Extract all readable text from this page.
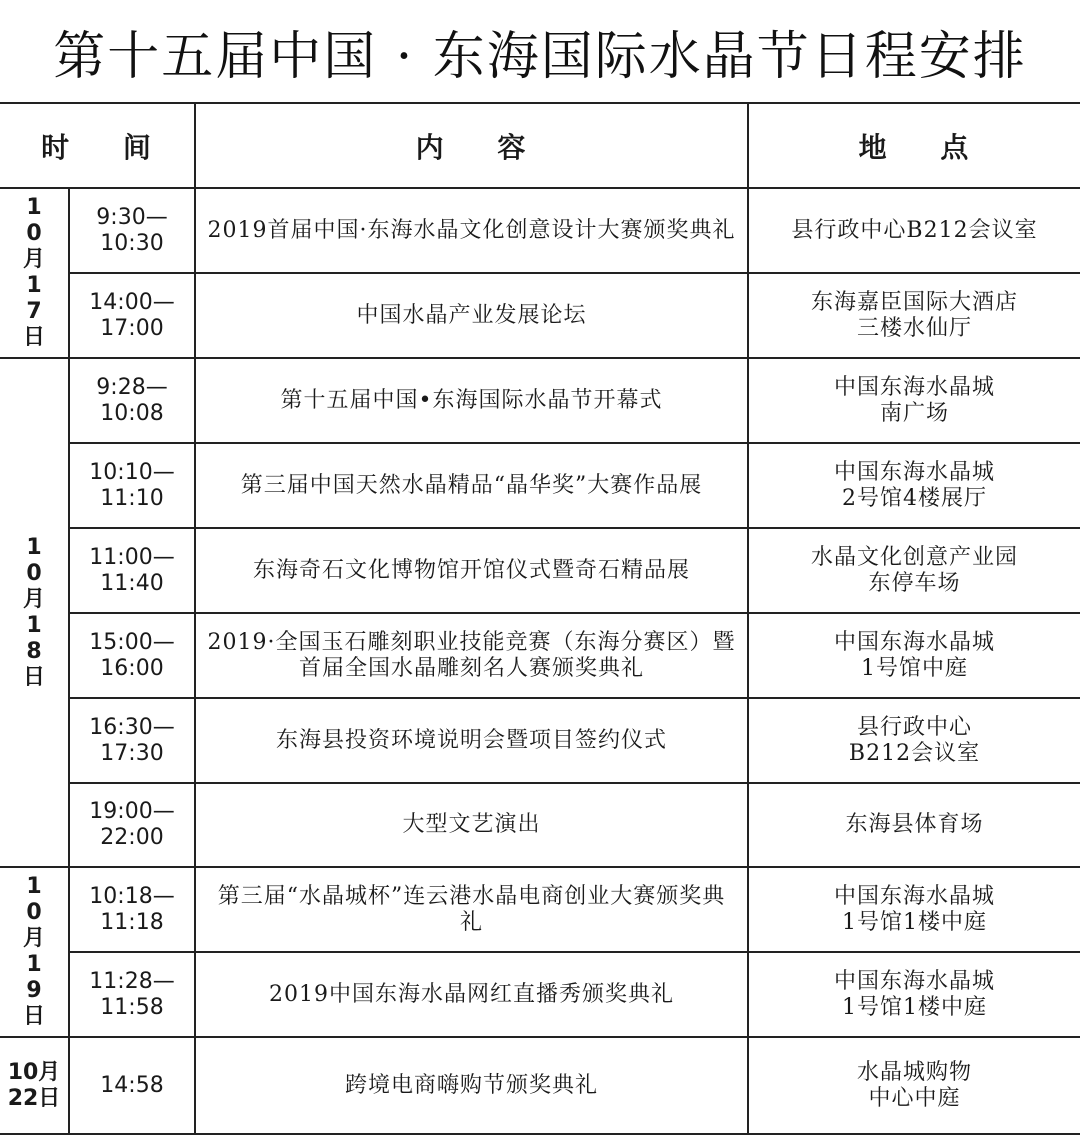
第十五届中国 · 东海国际水晶节日程安排
时 间		内 容	地 点
10月17日	9:30—10:30	2019首届中国·东海水晶文化创意设计大赛颁奖典礼	县行政中心B212会议室

	14:00—17:00	中国水晶产业发展论坛	东海嘉臣国际大酒店
三楼水仙厅

10月18日	9:28—10:08	第十五届中国•东海国际水晶节开幕式	中国东海水晶城
南广场

	10:10—11:10	第三届中国天然水晶精品“晶华奖”大赛作品展	中国东海水晶城
2号馆4楼展厅

	11:00—11:40	东海奇石文化博物馆开馆仪式暨奇石精品展	水晶文化创意产业园
东停车场

	15:00—16:00	2019·全国玉石雕刻职业技能竞赛（东海分赛区）暨
首届全国水晶雕刻名人赛颁奖典礼	中国东海水晶城
1号馆中庭

	16:30—17:30	东海县投资环境说明会暨项目签约仪式	县行政中心
B212会议室

	19:00—22:00	大型文艺演出	东海县体育场

10月19日	10:18—11:18	第三届“水晶城杯”连云港水晶电商创业大赛颁奖典
礼	中国东海水晶城
1号馆1楼中庭

	11:28—11:58	2019中国东海水晶网红直播秀颁奖典礼	中国东海水晶城
1号馆1楼中庭

10月22日	14:58	跨境电商嗨购节颁奖典礼	水晶城购物
中心中庭
